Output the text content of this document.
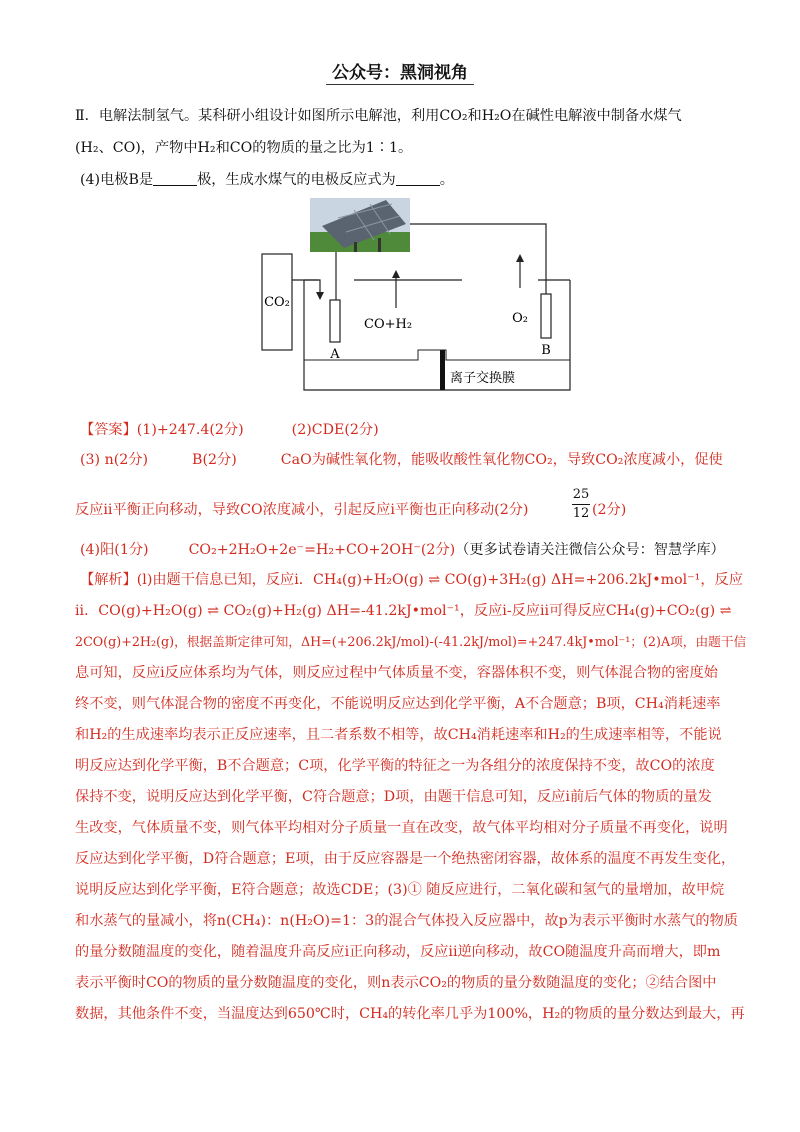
公众号：黑洞视角
Ⅱ．电解法制氢气。某科研小组设计如图所示电解池，利用CO₂和H₂O在碱性电解液中制备水煤气
(H₂、CO)，产物中H₂和CO的物质的量之比为1∶1。
(4)电极B是	极，生成水煤气的电极反应式为	。
CO₂
离子交换膜
A	B
CO+H₂	O₂
【答案】(1)+247.4(2分)	(2)CDE(2分)
(3) n(2分)	B(2分)	CaO为碱性氧化物，能吸收酸性氧化物CO₂，导致CO₂浓度减小，促使
反应ii平衡正向移动，导致CO浓度减小，引起反应i平衡也正向移动(2分)
25
12 (2分)
(4)阳(1分)	CO₂+2H₂O+2e⁻=H₂+CO+2OH⁻(2分)（更多试卷请关注微信公众号：智慧学库）
【解析】(l)由题干信息已知，反应i．CH₄(g)+H₂O(g) ⇌ CO(g)+3H₂(g) ΔH=+206.2kJ•mol⁻¹，反应
ii．CO(g)+H₂O(g) ⇌ CO₂(g)+H₂(g) ΔH=-41.2kJ•mol⁻¹，反应i-反应ii可得反应CH₄(g)+CO₂(g) ⇌
2CO(g)+2H₂(g)，根据盖斯定律可知，ΔH=(+206.2kJ/mol)-(-41.2kJ/mol)=+247.4kJ•mol⁻¹；(2)A项，由题干信
息可知，反应i反应体系均为气体，则反应过程中气体质量不变，容器体积不变，则气体混合物的密度始
终不变，则气体混合物的密度不再变化，不能说明反应达到化学平衡，A不合题意；B项，CH₄消耗速率
和H₂的生成速率均表示正反应速率，且二者系数不相等，故CH₄消耗速率和H₂的生成速率相等，不能说
明反应达到化学平衡，B不合题意；C项，化学平衡的特征之一为各组分的浓度保持不变，故CO的浓度
保持不变，说明反应达到化学平衡，C符合题意；D项，由题干信息可知，反应i前后气体的物质的量发
生改变，气体质量不变，则气体平均相对分子质量一直在改变，故气体平均相对分子质量不再变化，说明
反应达到化学平衡，D符合题意；E项，由于反应容器是一个绝热密闭容器，故体系的温度不再发生变化，
说明反应达到化学平衡，E符合题意；故选CDE；(3)① 随反应进行，二氧化碳和氢气的量增加，故甲烷
和水蒸气的量减小，将n(CH₄)：n(H₂O)=1：3的混合气体投入反应器中，故p为表示平衡时水蒸气的物质
的量分数随温度的变化，随着温度升高反应i正向移动，反应ii逆向移动，故CO随温度升高而增大，即m
表示平衡时CO的物质的量分数随温度的变化，则n表示CO₂的物质的量分数随温度的变化；②结合图中
数据，其他条件不变，当温度达到650℃时，CH₄的转化率几乎为100%，H₂的物质的量分数达到最大，再
